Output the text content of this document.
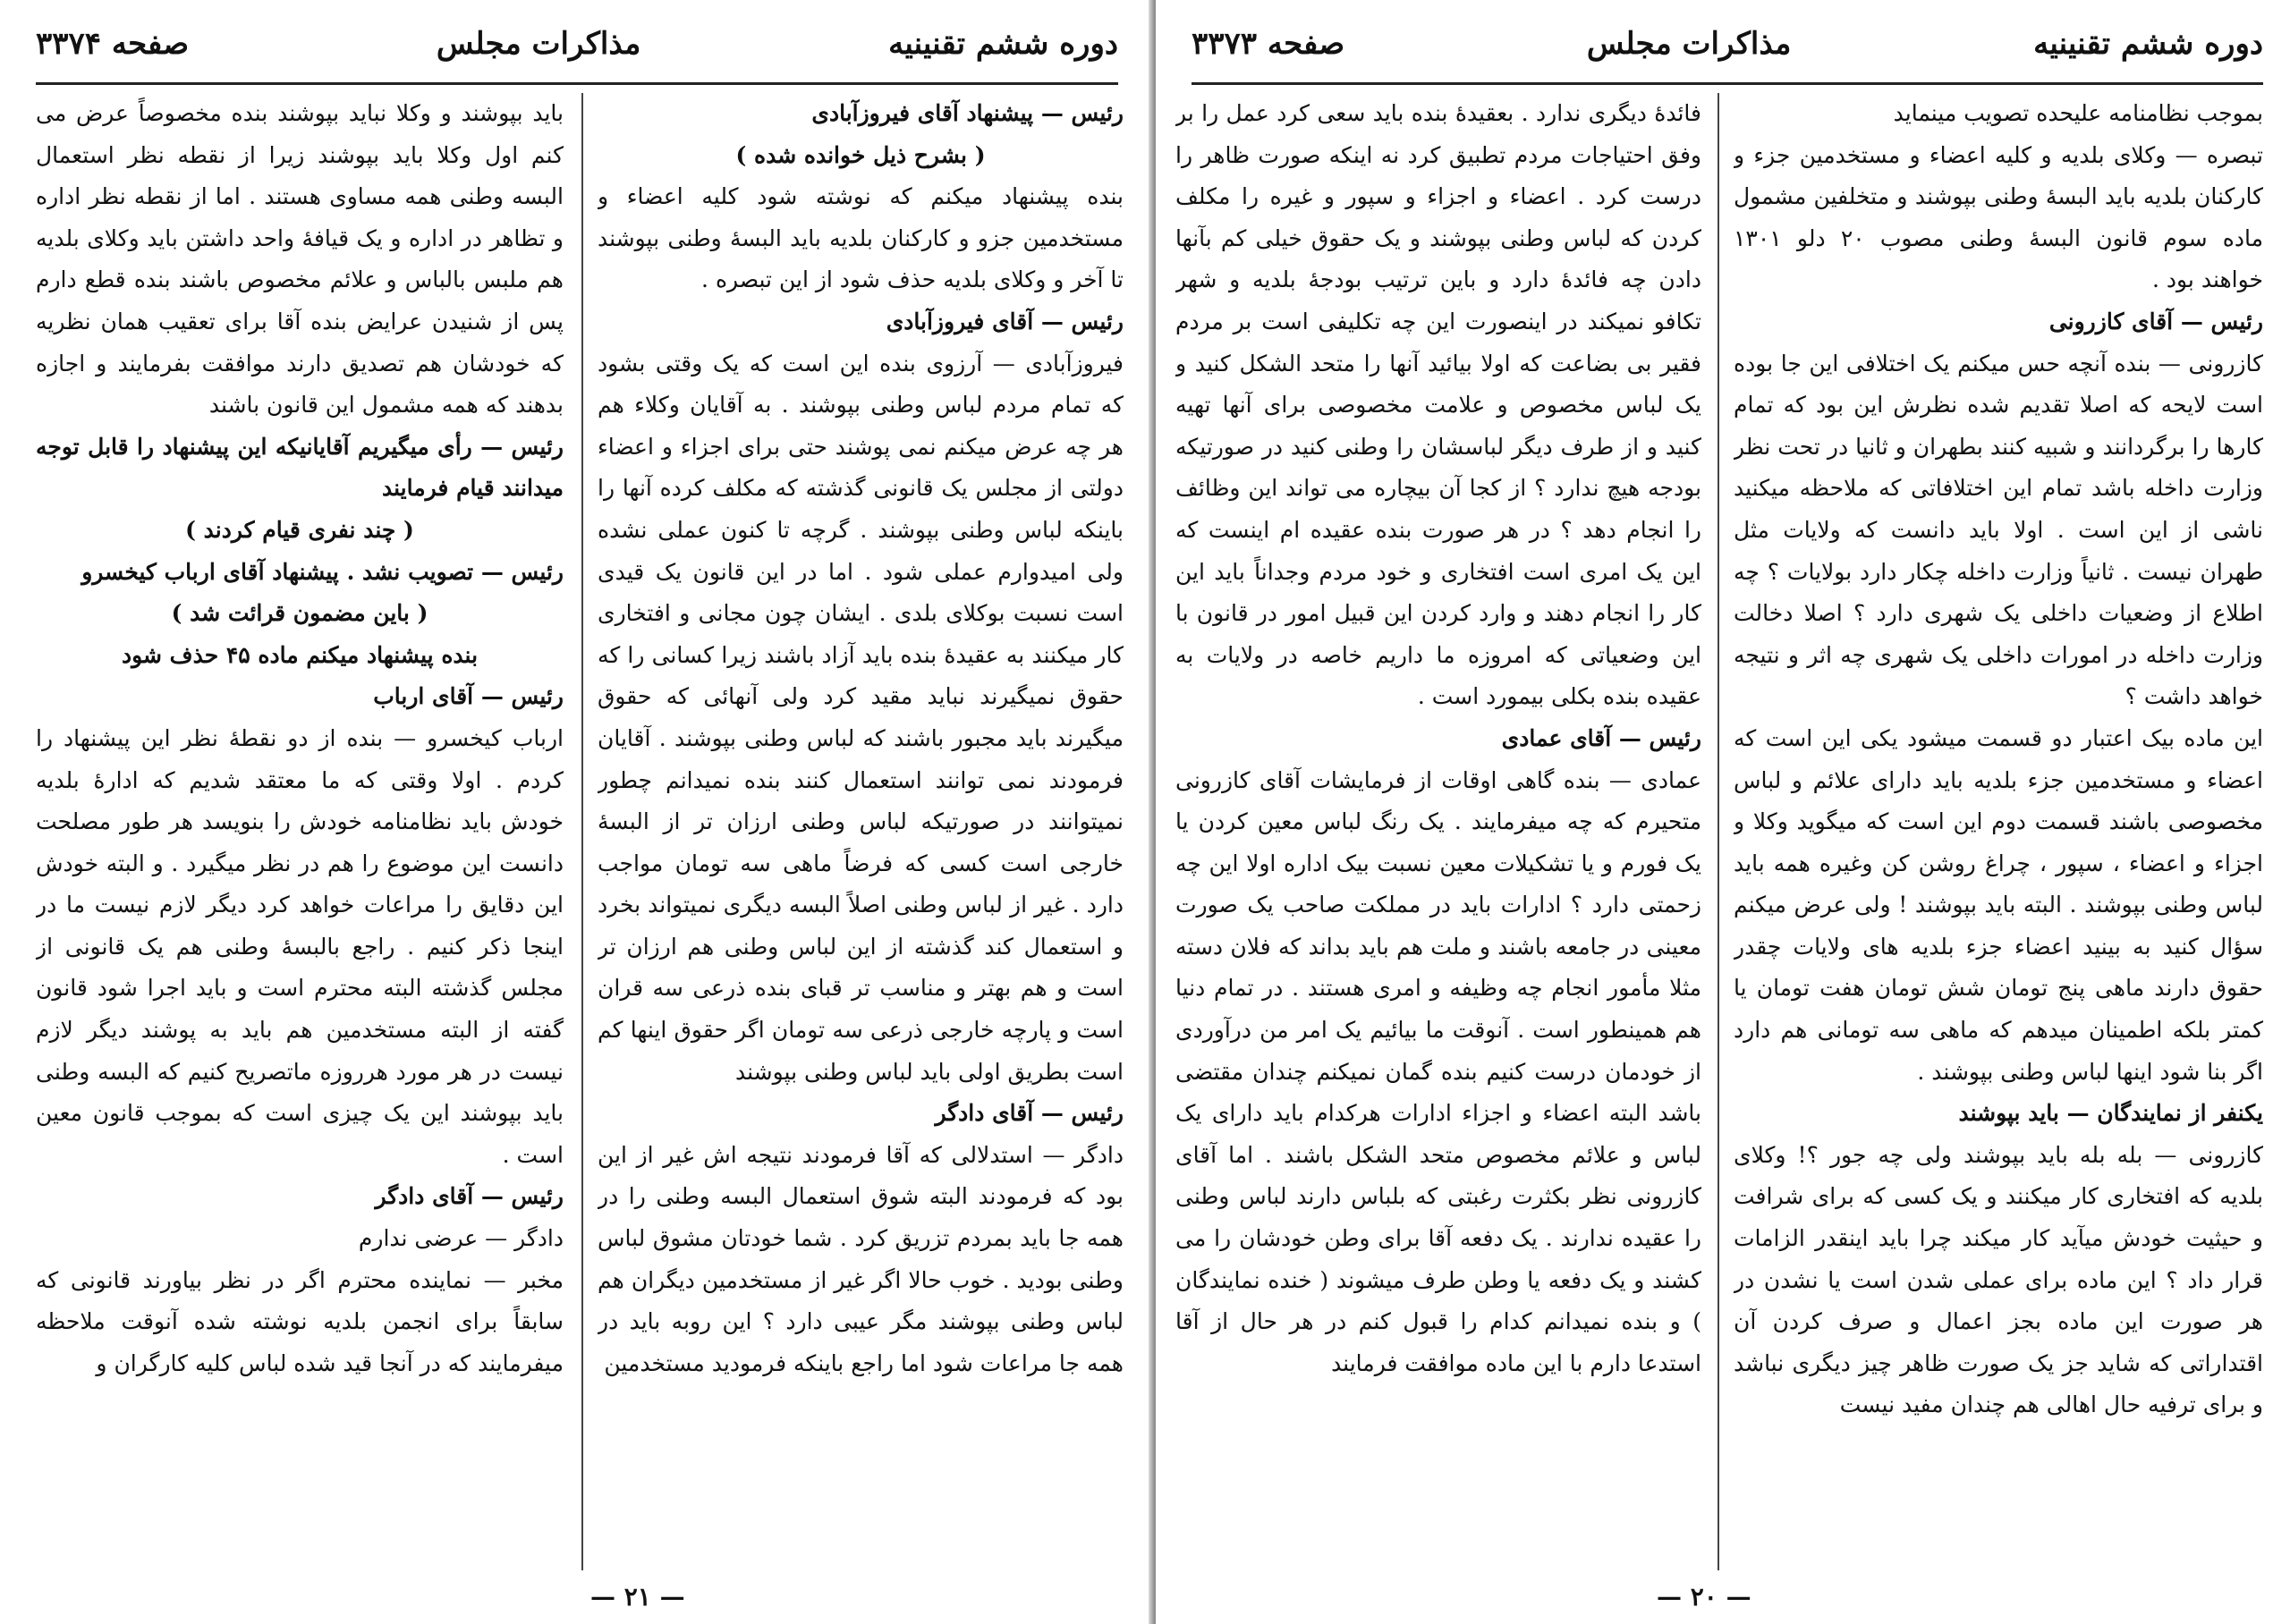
دوره ششم تقنینیه
مذاکرات مجلس
صفحه ۳۳۷۴

باید بپوشند و وکلا نباید بپوشند بنده مخصوصاً عرض می کنم اول وکلا باید بپوشند زیرا از نقطه نظر استعمال البسه وطنی همه مساوی هستند . اما از نقطه نظر اداره و تظاهر در اداره و یک قیافهٔ واحد داشتن باید وکلای بلدیه هم ملبس بالباس و علائم مخصوص باشند بنده قطع دارم پس از شنیدن عرایض بنده آقا برای تعقیب همان نظریه که خودشان هم تصدیق دارند موافقت بفرمایند و اجازه بدهند که همه مشمول این قانون باشند

رئیس — رأی میگیریم آقایانیکه این پیشنهاد را قابل توجه میدانند قیام فرمایند

( چند نفری قیام کردند )

رئیس — تصویب نشد . پیشنهاد آقای ارباب کیخسرو

( باین مضمون قرائت شد )

بنده پیشنهاد میکنم ماده ۴۵ حذف شود

رئیس — آقای ارباب

ارباب کیخسرو — بنده از دو نقطهٔ نظر این پیشنهاد را کردم . اولا وقتی که ما معتقد شدیم که ادارهٔ بلدیه خودش باید نظامنامه خودش را بنویسد هر طور مصلحت دانست این موضوع را هم در نظر میگیرد . و البته خودش این دقایق را مراعات خواهد کرد دیگر لازم نیست ما در اینجا ذکر کنیم . راجع بالبسهٔ وطنی هم یک قانونی از مجلس گذشته البته محترم است و باید اجرا شود قانون گفته از البته مستخدمین هم باید به پوشند دیگر لازم نیست در هر مورد هرروزه ماتصریح کنیم که البسه وطنی باید بپوشند این یک چیزی است که بموجب قانون معین است .

رئیس — آقای دادگر

دادگر — عرضی ندارم

مخبر — نماینده محترم اگر در نظر بیاورند قانونی که سابقاً برای انجمن بلدیه نوشته شده آنوقت ملاحظه میفرمایند که در آنجا قید شده لباس کلیه کارگران و

رئیس — پیشنهاد آقای فیروزآبادی

( بشرح ذیل خوانده شده )

بنده پیشنهاد میکنم که نوشته شود کلیه اعضاء و مستخدمین جزو و کارکنان بلدیه باید البسهٔ وطنی بپوشند تا آخر و وکلای بلدیه حذف شود از این تبصره .

رئیس — آقای فیروزآبادی

فیروزآبادی — آرزوی بنده این است که یک وقتی بشود که تمام مردم لباس وطنی بپوشند . به آقایان وکلاء هم هر چه عرض میکنم نمی پوشند حتی برای اجزاء و اعضاء دولتی از مجلس یک قانونی گذشته که مکلف کرده آنها را باینکه لباس وطنی بپوشند . گرچه تا کنون عملی نشده ولی امیدوارم عملی شود . اما در این قانون یک قیدی است نسبت بوکلای بلدی . ایشان چون مجانی و افتخاری کار میکنند به عقیدهٔ بنده باید آزاد باشند زیرا کسانی را که حقوق نمیگیرند نباید مقید کرد ولی آنهائی که حقوق میگیرند باید مجبور باشند که لباس وطنی بپوشند . آقایان فرمودند نمی توانند استعمال کنند بنده نمیدانم چطور نمیتوانند در صورتیکه لباس وطنی ارزان تر از البسهٔ خارجی است کسی که فرضاً ماهی سه تومان مواجب دارد . غیر از لباس وطنی اصلاً البسه دیگری نمیتواند بخرد و استعمال کند گذشته از این لباس وطنی هم ارزان تر است و هم بهتر و مناسب تر قبای بنده ذرعی سه قران است و پارچه خارجی ذرعی سه تومان اگر حقوق اینها کم است بطریق اولی باید لباس وطنی بپوشند

رئیس — آقای دادگر

دادگر — استدلالی که آقا فرمودند نتیجه اش غیر از این بود که فرمودند البته شوق استعمال البسه وطنی را در همه جا باید بمردم تزریق کرد . شما خودتان مشوق لباس وطنی بودید . خوب حالا اگر غیر از مستخدمین دیگران هم لباس وطنی بپوشند مگر عیبی دارد ؟ این روبه باید در همه جا مراعات شود اما راجع باینکه فرمودید مستخدمین

— ۲۱ —
دوره ششم تقنینیه
مذاکرات مجلس
صفحه ۳۳۷۳

فائدهٔ دیگری ندارد . بعقیدهٔ بنده باید سعی کرد عمل را بر وفق احتیاجات مردم تطبیق کرد نه اینکه صورت ظاهر را درست کرد . اعضاء و اجزاء و سپور و غیره را مکلف کردن که لباس وطنی بپوشند و یک حقوق خیلی کم بآنها دادن چه فائدهٔ دارد و باین ترتیب بودجهٔ بلدیه و شهر تکافو نمیکند در اینصورت این چه تکلیفی است بر مردم فقیر بی بضاعت که اولا بیائید آنها را متحد الشکل کنید و یک لباس مخصوص و علامت مخصوصی برای آنها تهیه کنید و از طرف دیگر لباسشان را وطنی کنید در صورتیکه بودجه هیچ ندارد ؟ از کجا آن بیچاره می تواند این وظائف را انجام دهد ؟ در هر صورت بنده عقیده ام اینست که این یک امری است افتخاری و خود مردم وجداناً باید این کار را انجام دهند و وارد کردن این قبیل امور در قانون با این وضعیاتی که امروزه ما داریم خاصه در ولایات به عقیده بنده بکلی بیمورد است .

رئیس — آقای عمادی

عمادی — بنده گاهی اوقات از فرمایشات آقای کازرونی متحیرم که چه میفرمایند . یک رنگ لباس معین کردن یا یک فورم و یا تشکیلات معین نسبت بیک اداره اولا این چه زحمتی دارد ؟ ادارات باید در مملکت صاحب یک صورت معینی در جامعه باشند و ملت هم باید بداند که فلان دسته مثلا مأمور انجام چه وظیفه و امری هستند . در تمام دنیا هم همینطور است . آنوقت ما بیائیم یک امر من درآوردی از خودمان درست کنیم بنده گمان نمیکنم چندان مقتضی باشد البته اعضاء و اجزاء ادارات هرکدام باید دارای یک لباس و علائم مخصوص متحد الشکل باشند . اما آقای کازرونی نظر بکثرت رغبتی که بلباس دارند لباس وطنی را عقیده ندارند . یک دفعه آقا برای وطن خودشان را می کشند و یک دفعه یا وطن طرف میشوند ( خنده نمایندگان ) و بنده نمیدانم کدام را قبول کنم در هر حال از آقا استدعا دارم با این ماده موافقت فرمایند

بموجب نظامنامه علیحده تصویب مینماید

تبصره — وکلای بلدیه و کلیه اعضاء و مستخدمین جزء و کارکنان بلدیه باید البسهٔ وطنی بپوشند و متخلفین مشمول ماده سوم قانون البسهٔ وطنی مصوب ۲۰ دلو ۱۳۰۱ خواهند بود .

رئیس — آقای کازرونی

کازرونی — بنده آنچه حس میکنم یک اختلافی این جا بوده است لایحه که اصلا تقدیم شده نظرش این بود که تمام کارها را برگردانند و شبیه کنند بطهران و ثانیا در تحت نظر وزارت داخله باشد تمام این اختلافاتی که ملاحظه میکنید ناشی از این است . اولا باید دانست که ولایات مثل طهران نیست . ثانیاً وزارت داخله چکار دارد بولایات ؟ چه اطلاع از وضعیات داخلی یک شهری دارد ؟ اصلا دخالت وزارت داخله در امورات داخلی یک شهری چه اثر و نتیجه خواهد داشت ؟

این ماده بیک اعتبار دو قسمت میشود یکی این است که اعضاء و مستخدمین جزء بلدیه باید دارای علائم و لباس مخصوصی باشند قسمت دوم این است که میگوید وکلا و اجزاء و اعضاء ، سپور ، چراغ روشن کن وغیره همه باید لباس وطنی بپوشند . البته باید بپوشند ! ولی عرض میکنم سؤال کنید به بینید اعضاء جزء بلدیه های ولایات چقدر حقوق دارند ماهی پنج تومان شش تومان هفت تومان یا کمتر بلکه اطمینان میدهم که ماهی سه تومانی هم دارد اگر بنا شود اینها لباس وطنی بپوشند .

یکنفر از نمایندگان — باید بپوشند

کازرونی — بله بله باید بپوشند ولی چه جور ؟! وکلای بلدیه که افتخاری کار میکنند و یک کسی که برای شرافت و حیثیت خودش میآید کار میکند چرا باید اینقدر الزامات قرار داد ؟ این ماده برای عملی شدن است یا نشدن در هر صورت این ماده بجز اعمال و صرف کردن آن اقتداراتی که شاید جز یک صورت ظاهر چیز دیگری نباشد و برای ترفیه حال اهالی هم چندان مفید نیست

— ۲۰ —
